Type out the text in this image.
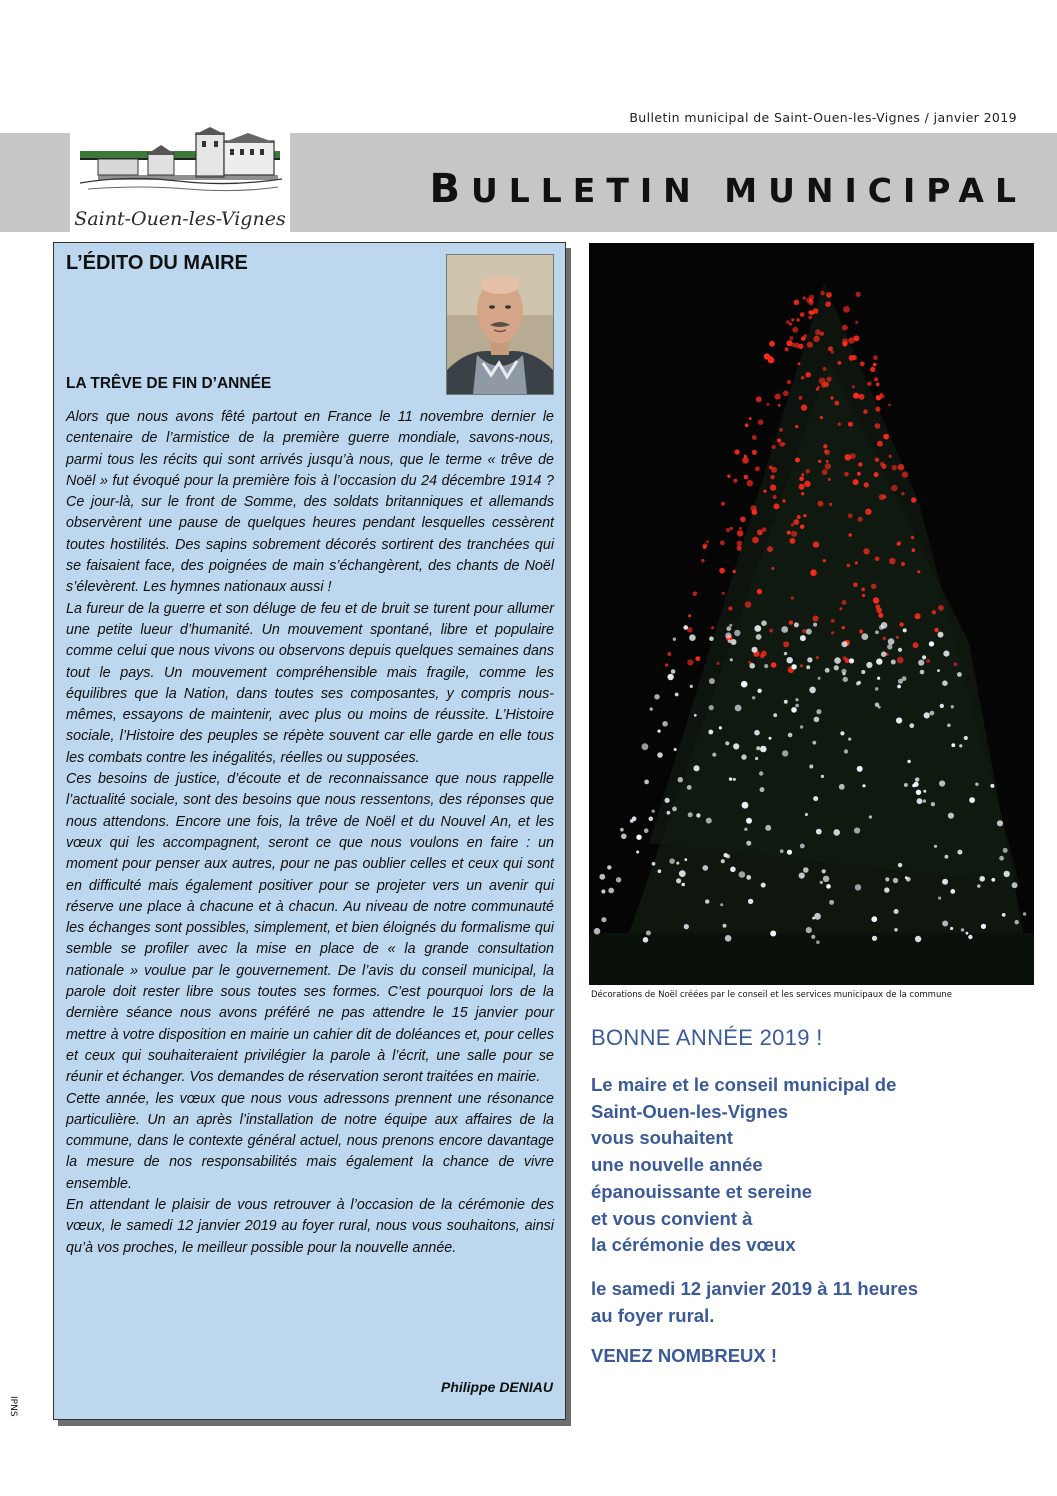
Bulletin municipal de Saint-Ouen-les-Vignes / janvier 2019
Saint-Ouen-les-Vignes
BULLETIN MUNICIPAL
L’ÉDITO DU MAIRE
LA TRÊVE DE FIN D’ANNÉE

Alors que nous avons fêté partout en France le 11 novembre dernier le centenaire de l’armistice de la première guerre mondiale, savons-nous, parmi tous les récits qui sont arrivés jusqu’à nous, que le terme « trêve de Noël » fut évoqué pour la première fois à l’occasion du 24 décembre 1914 ? Ce jour-là, sur le front de Somme, des soldats britanniques et allemands observèrent une pause de quelques heures pendant lesquelles cessèrent toutes hostilités. Des sapins sobrement décorés sortirent des tranchées qui se faisaient face, des poignées de main s’échangèrent, des chants de Noël s’élevèrent. Les hymnes nationaux aussi !

La fureur de la guerre et son déluge de feu et de bruit se turent pour allumer une petite lueur d’humanité. Un mouvement spontané, libre et populaire comme celui que nous vivons ou observons depuis quelques semaines dans tout le pays. Un mouvement compréhensible mais fragile, comme les équilibres que la Nation, dans toutes ses composantes, y compris nous-mêmes, essayons de maintenir, avec plus ou moins de réussite. L’Histoire sociale, l’Histoire des peuples se répète souvent car elle garde en elle tous les combats contre les inégalités, réelles ou supposées.

Ces besoins de justice, d’écoute et de reconnaissance que nous rappelle l’actualité sociale, sont des besoins que nous ressentons, des réponses que nous attendons. Encore une fois, la trêve de Noël et du Nouvel An, et les vœux qui les accompagnent, seront ce que nous voulons en faire : un moment pour penser aux autres, pour ne pas oublier celles et ceux qui sont en difficulté mais également positiver pour se projeter vers un avenir qui réserve une place à chacune et à chacun. Au niveau de notre communauté les échanges sont possibles, simplement, et bien éloignés du formalisme qui semble se profiler avec la mise en place de « la grande consultation nationale » voulue par le gouvernement. De l’avis du conseil municipal, la parole doit rester libre sous toutes ses formes. C’est pourquoi lors de la dernière séance nous avons préféré ne pas attendre le 15 janvier pour mettre à votre disposition en mairie un cahier dit de doléances et, pour celles et ceux qui souhaiteraient privilégier la parole à l’écrit, une salle pour se réunir et échanger. Vos demandes de réservation seront traitées en mairie.

Cette année, les vœux que nous vous adressons prennent une résonance particulière. Un an après l’installation de notre équipe aux affaires de la commune, dans le contexte général actuel, nous prenons encore davantage la mesure de nos responsabilités mais également la chance de vivre ensemble.

En attendant le plaisir de vous retrouver à l’occasion de la cérémonie des vœux, le samedi 12 janvier 2019 au foyer rural, nous vous souhaitons, ainsi qu’à vos proches, le meilleur possible pour la nouvelle année.

Philippe DENIAU
Décorations de Noël créées par le conseil et les services municipaux de la commune
BONNE ANNÉE 2019 !
Le maire et le conseil municipal de
Saint-Ouen-les-Vignes
vous souhaitent
une nouvelle année
épanouissante et sereine
et vous convient à
la cérémonie des vœux
le samedi 12 janvier 2019 à 11 heures
au foyer rural.
VENEZ NOMBREUX !
IPNS
